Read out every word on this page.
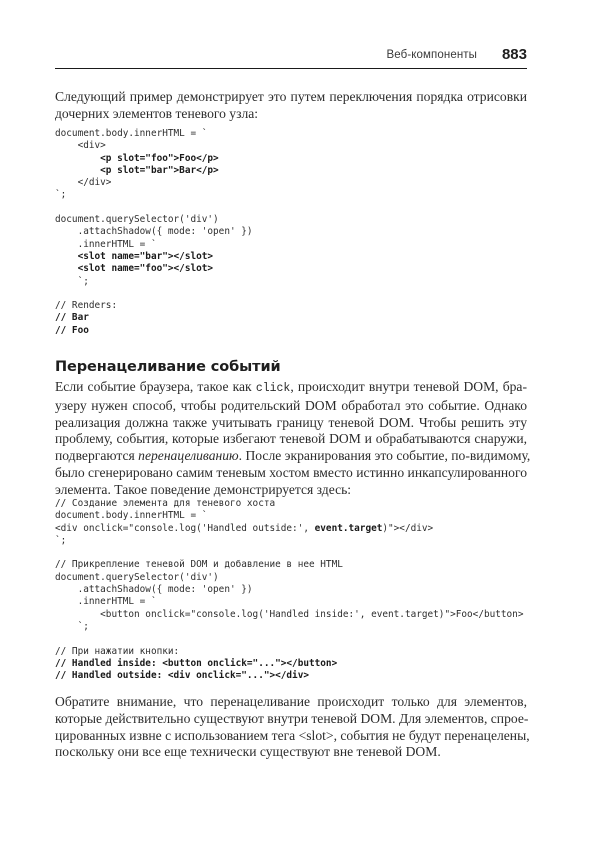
Веб-компоненты 883
Следующий пример демонстрирует это путем переключения порядка отрисовки
дочерних элементов теневого узла:
document.body.innerHTML = `
<div>
<p slot="foo">Foo</p>
<p slot="bar">Bar</p>
</div>
`;
document.querySelector('div')
.attachShadow({ mode: 'open' })
.innerHTML = `
<slot name="bar"></slot>
<slot name="foo"></slot>
`;
// Renders:
// Bar
// Foo
Перенацеливание событий
Если событие браузера, такое как click, происходит внутри теневой DOM, бра-
узеру нужен способ, чтобы родительский DOM обработал это событие. Однако
реализация должна также учитывать границу теневой DOM. Чтобы решить эту
проблему, события, которые избегают теневой DOM и обрабатываются снаружи,
подвергаются перенацеливанию. После экранирования это событие, по-видимому,
было сгенерировано самим теневым хостом вместо истинно инкапсулированного
элемента. Такое поведение демонстрируется здесь:
// Создание элемента для теневого хоста
document.body.innerHTML = `
<div onclick="console.log('Handled outside:', event.target)"></div>
`;
// Прикрепление теневой DOM и добавление в нее HTML
document.querySelector('div')
.attachShadow({ mode: 'open' })
.innerHTML = `
<button onclick="console.log('Handled inside:', event.target)">Foo</button>
`;
// При нажатии кнопки:
// Handled inside: <button onclick="..."></button>
// Handled outside: <div onclick="..."></div>
Обратите внимание, что перенацеливание происходит только для элементов,
которые действительно существуют внутри теневой DOM. Для элементов, спрое-
цированных извне с использованием тега <slot>, события не будут перенацелены,
поскольку они все еще технически существуют вне теневой DOM.
